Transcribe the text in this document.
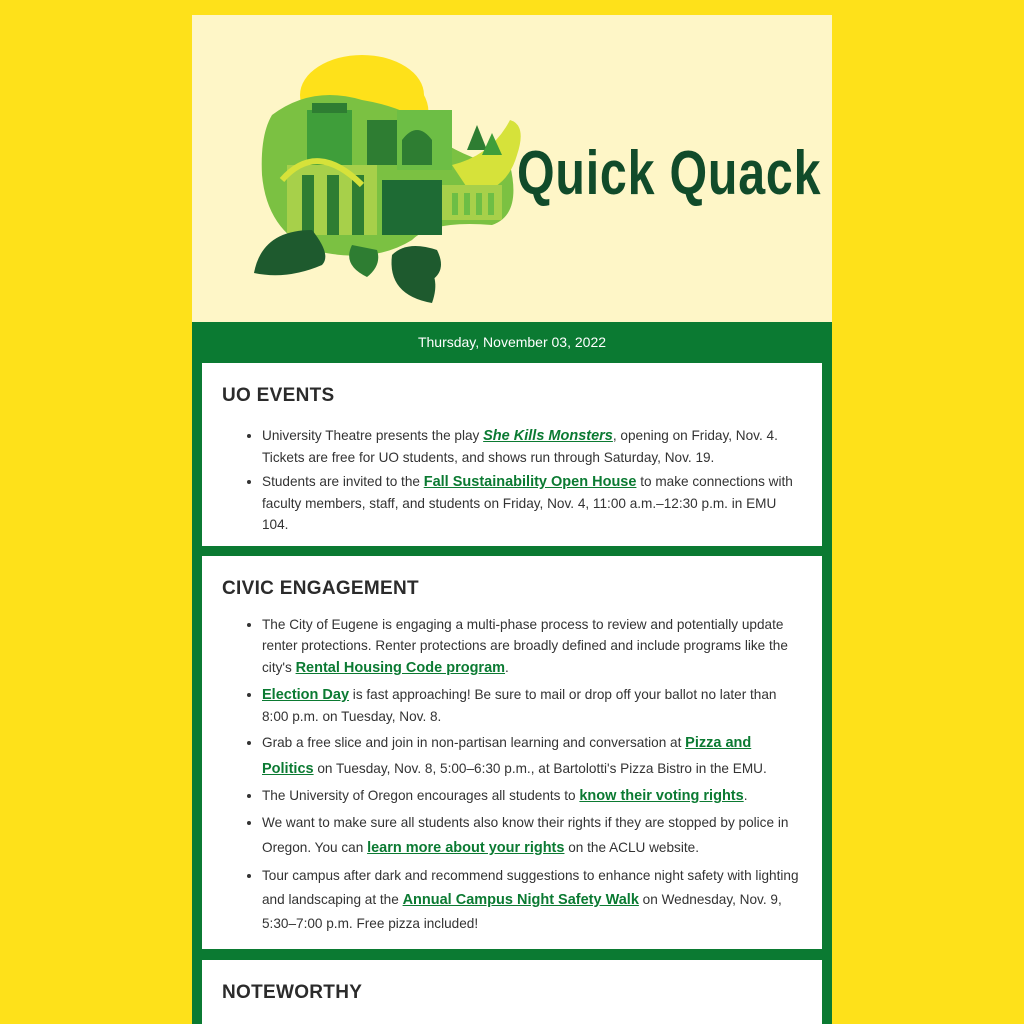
Quick Quack
Thursday, November 03, 2022
UO EVENTS
• University Theatre presents the play She Kills Monsters, opening on Friday, Nov. 4. Tickets are free for UO students, and shows run through Saturday, Nov. 19.
• Students are invited to the Fall Sustainability Open House to make connections with faculty members, staff, and students on Friday, Nov. 4, 11:00 a.m.–12:30 p.m. in EMU 104.
CIVIC ENGAGEMENT
• The City of Eugene is engaging a multi-phase process to review and potentially update renter protections. Renter protections are broadly defined and include programs like the city's Rental Housing Code program.
• Election Day is fast approaching! Be sure to mail or drop off your ballot no later than 8:00 p.m. on Tuesday, Nov. 8.
• Grab a free slice and join in non-partisan learning and conversation at Pizza and Politics on Tuesday, Nov. 8, 5:00–6:30 p.m., at Bartolotti's Pizza Bistro in the EMU.
• The University of Oregon encourages all students to know their voting rights.
• We want to make sure all students also know their rights if they are stopped by police in Oregon. You can learn more about your rights on the ACLU website.
• Tour campus after dark and recommend suggestions to enhance night safety with lighting and landscaping at the Annual Campus Night Safety Walk on Wednesday, Nov. 9, 5:30–7:00 p.m. Free pizza included!
NOTEWORTHY
